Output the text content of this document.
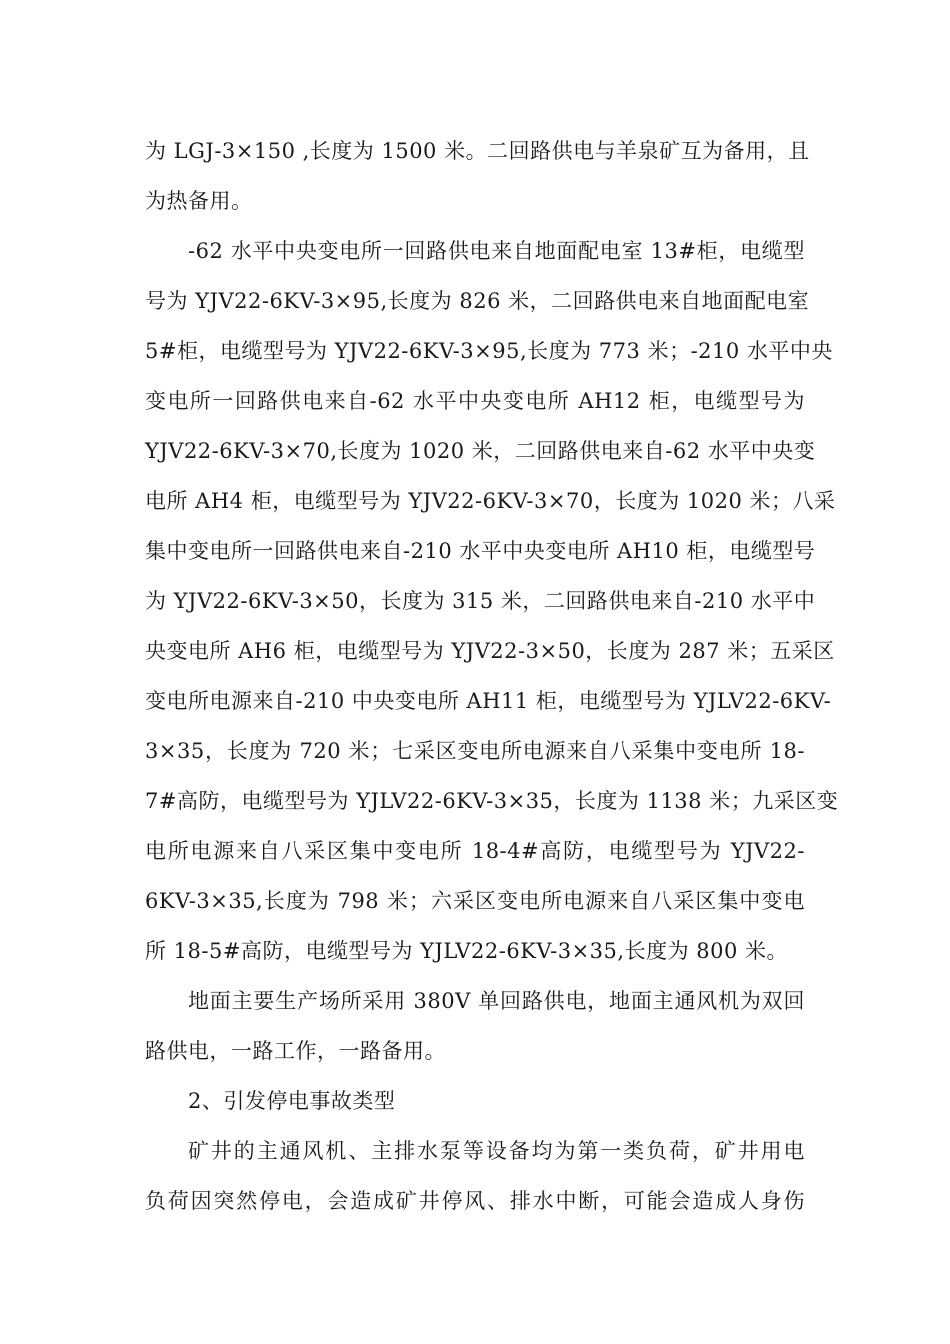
为 LGJ-3×150 ,长度为 1500 米。二回路供电与羊泉矿互为备用，且
为热备用。
-62 水平中央变电所一回路供电来自地面配电室 13#柜，电缆型
号为 YJV22-6KV-3×95,长度为 826 米，二回路供电来自地面配电室
5#柜，电缆型号为 YJV22-6KV-3×95,长度为 773 米；-210 水平中央
变电所一回路供电来自-62 水平中央变电所 AH12 柜，电缆型号为
YJV22-6KV-3×70,长度为 1020 米，二回路供电来自-62 水平中央变
电所 AH4 柜，电缆型号为 YJV22-6KV-3×70，长度为 1020 米；八采
集中变电所一回路供电来自-210 水平中央变电所 AH10 柜，电缆型号
为 YJV22-6KV-3×50，长度为 315 米，二回路供电来自-210 水平中
央变电所 AH6 柜，电缆型号为 YJV22-3×50，长度为 287 米；五采区
变电所电源来自-210 中央变电所 AH11 柜，电缆型号为 YJLV22-6KV-
3×35，长度为 720 米；七采区变电所电源来自八采集中变电所 18-
7#高防，电缆型号为 YJLV22-6KV-3×35，长度为 1138 米；九采区变
电所电源来自八采区集中变电所 18-4#高防，电缆型号为 YJV22-
6KV-3×35,长度为 798 米；六采区变电所电源来自八采区集中变电
所 18-5#高防，电缆型号为 YJLV22-6KV-3×35,长度为 800 米。
地面主要生产场所采用 380V 单回路供电，地面主通风机为双回
路供电，一路工作，一路备用。
2、引发停电事故类型
矿井的主通风机、主排水泵等设备均为第一类负荷，矿井用电
负荷因突然停电，会造成矿井停风、排水中断，可能会造成人身伤
